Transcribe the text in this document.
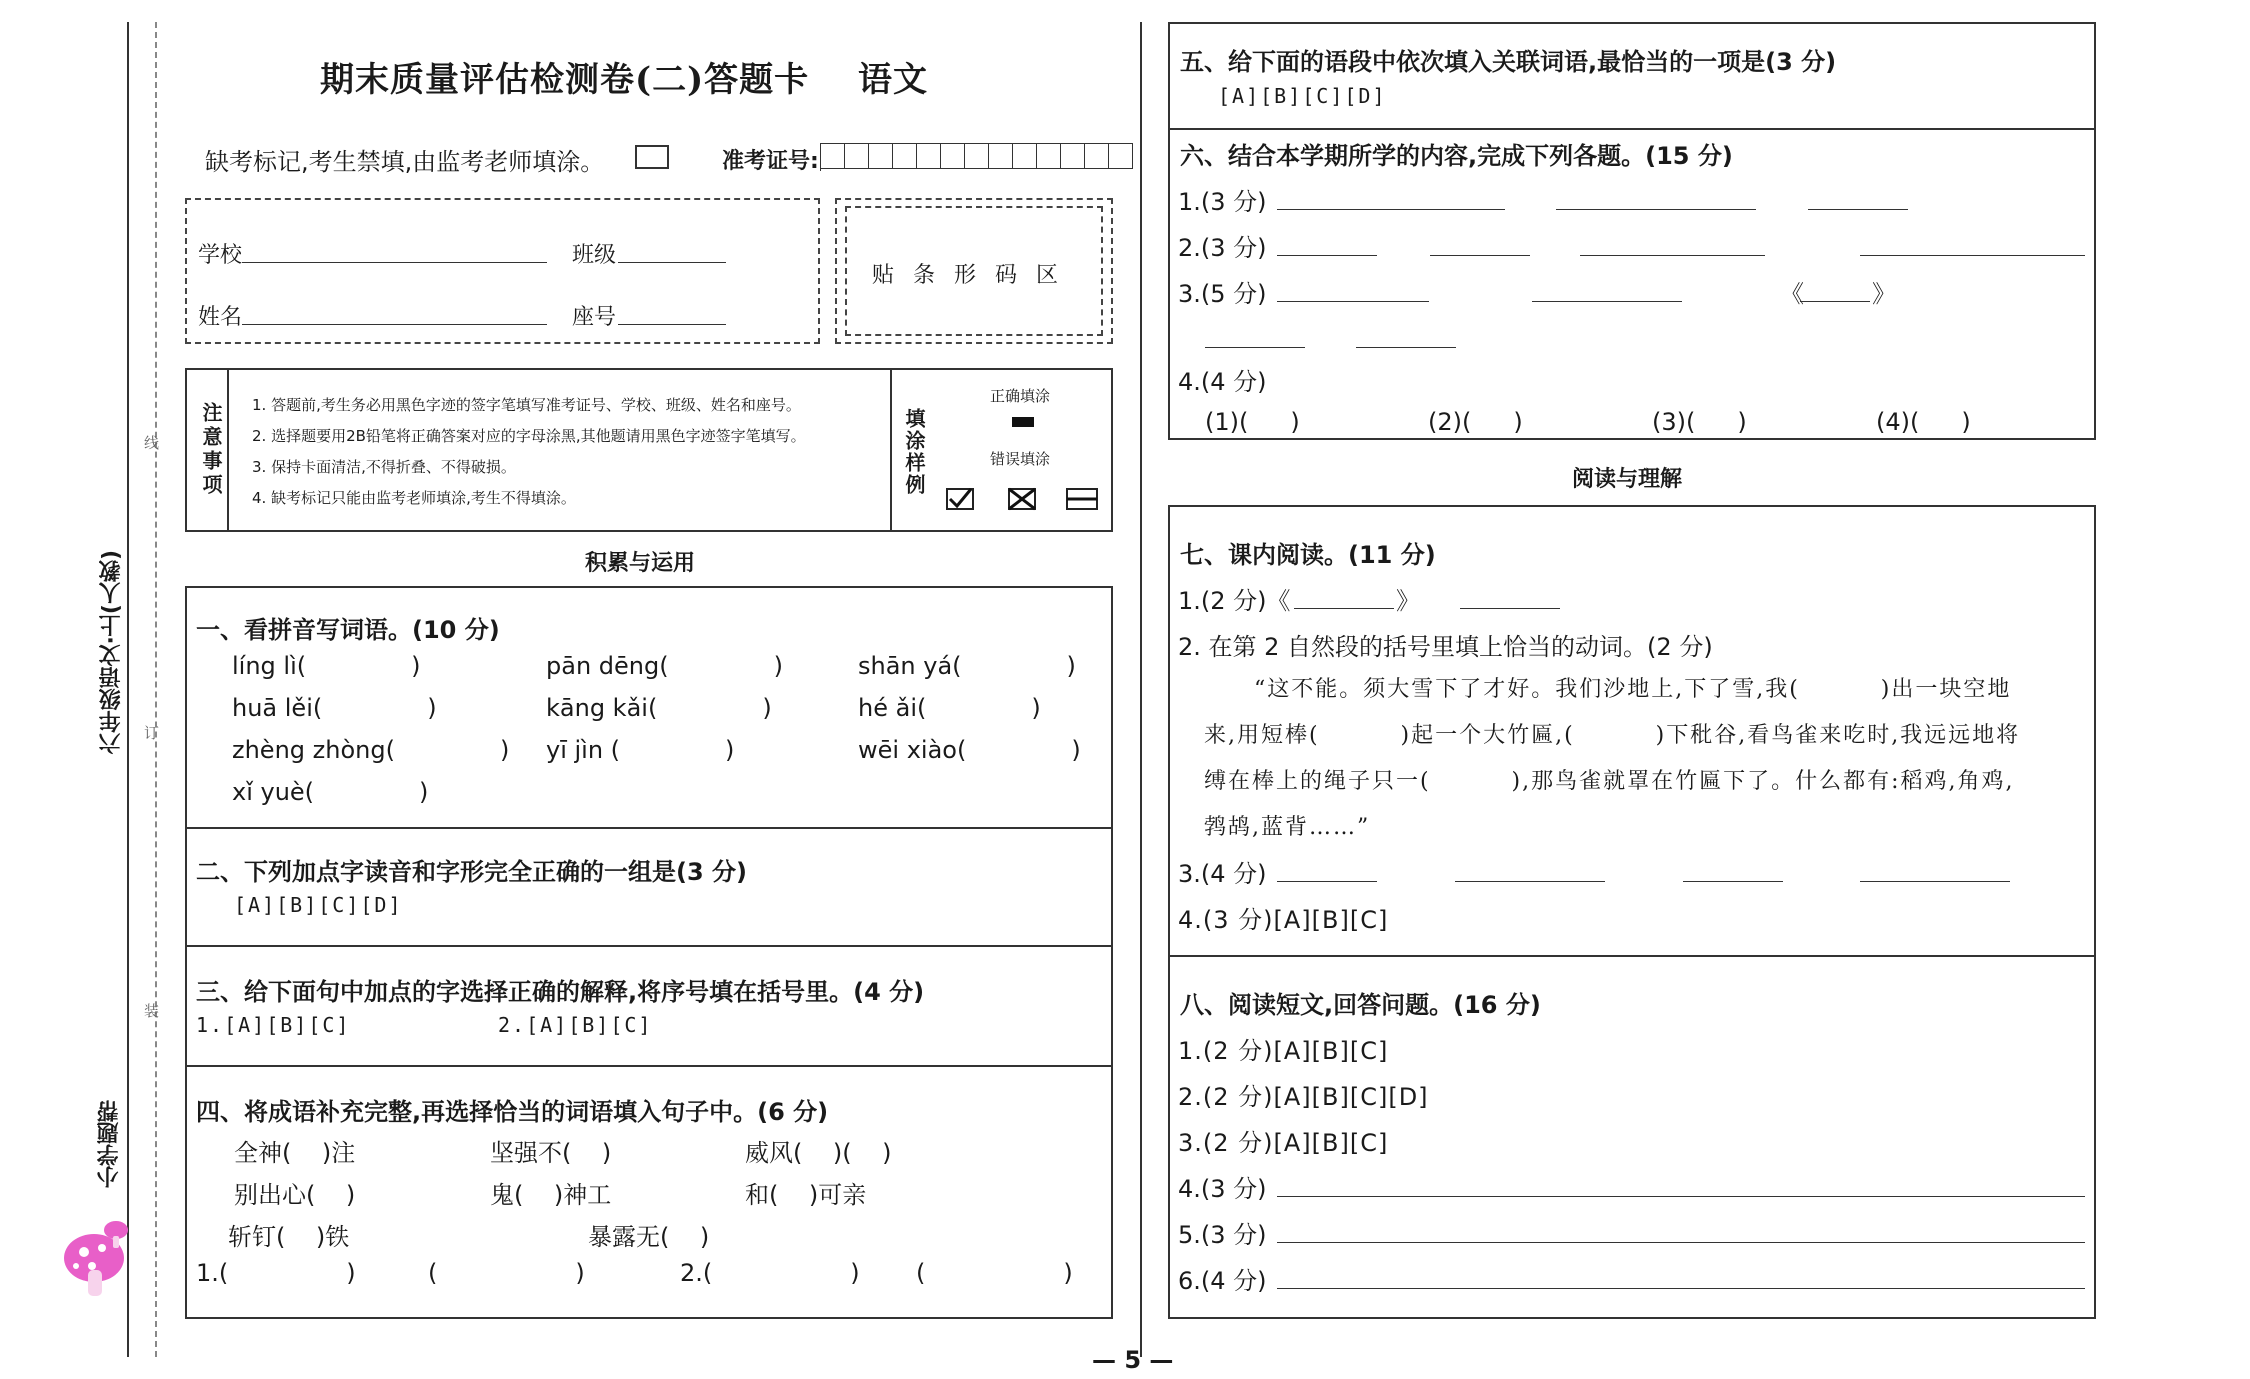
六年级语文·上(人教)
线
订
装
小学题帮
期末质量评估检测卷(二)答题卡 语文
缺考标记,考生禁填,由监考老师填涂。	准考证号:
学校	班级
姓名	座号
贴 条 形 码 区
注意事项 1. 答题前,考生务必用黑色字迹的签字笔填写准考证号、学校、班级、姓名和座号。
2. 选择题要用2B铅笔将正确答案对应的字母涂黑,其他题请用黑色字迹签字笔填写。
3. 保持卡面清洁,不得折叠、不得破损。
4. 缺考标记只能由监考老师填涂,考生不得填涂。
填涂样例
正确填涂
错误填涂
积累与运用
一、看拼音写词语。(10 分)
líng lì(	)	pān dēng(	)	shān yá(	)
huā lěi(	)	kāng kǎi(	)	hé ǎi(	)
zhèng zhòng(	) yī jìn (	)	wēi xiào(	)
xǐ yuè(	)
二、下列加点字读音和字形完全正确的一组是(3 分)
[A][B][C][D]
三、给下面句中加点的字选择正确的解释,将序号填在括号里。(4 分)
1.[A][B][C]	2.[A][B][C]
四、将成语补充完整,再选择恰当的词语填入句子中。(6 分)
全神(    )注	坚强不(    )	威风(    )(    )
别出心(    )	鬼(    )神工	和(    )可亲
斩钉(    )铁	暴露无(    )
1.(	)	(	)	2.(	) (	)
五、给下面的语段中依次填入关联词语,最恰当的一项是(3 分)
[A][B][C][D]
六、结合本学期所学的内容,完成下列各题。(15 分)
1.(3 分)
2.(3 分)
3.(5 分)	《	》
4.(4 分)
(1)( )	(2)( )	(3)( )	(4)( )
阅读与理解
七、课内阅读。(11 分)
1.(2 分)《	》
2. 在第 2 自然段的括号里填上恰当的动词。(2 分)
“这不能。须大雪下了才好。我们沙地上,下了雪,我(         )出一块空地
来,用短棒(         )起一个大竹匾,(         )下秕谷,看鸟雀来吃时,我远远地将
缚在棒上的绳子只一(         ),那鸟雀就罩在竹匾下了。什么都有:稻鸡,角鸡,
鹁鸪,蓝背……”
3.(4 分)
4.(3 分)[A][B][C]
八、阅读短文,回答问题。(16 分)
1.(2 分)[A][B][C]
2.(2 分)[A][B][C][D]
3.(2 分)[A][B][C]
4.(3 分)
5.(3 分)
6.(4 分)
— 5 —
